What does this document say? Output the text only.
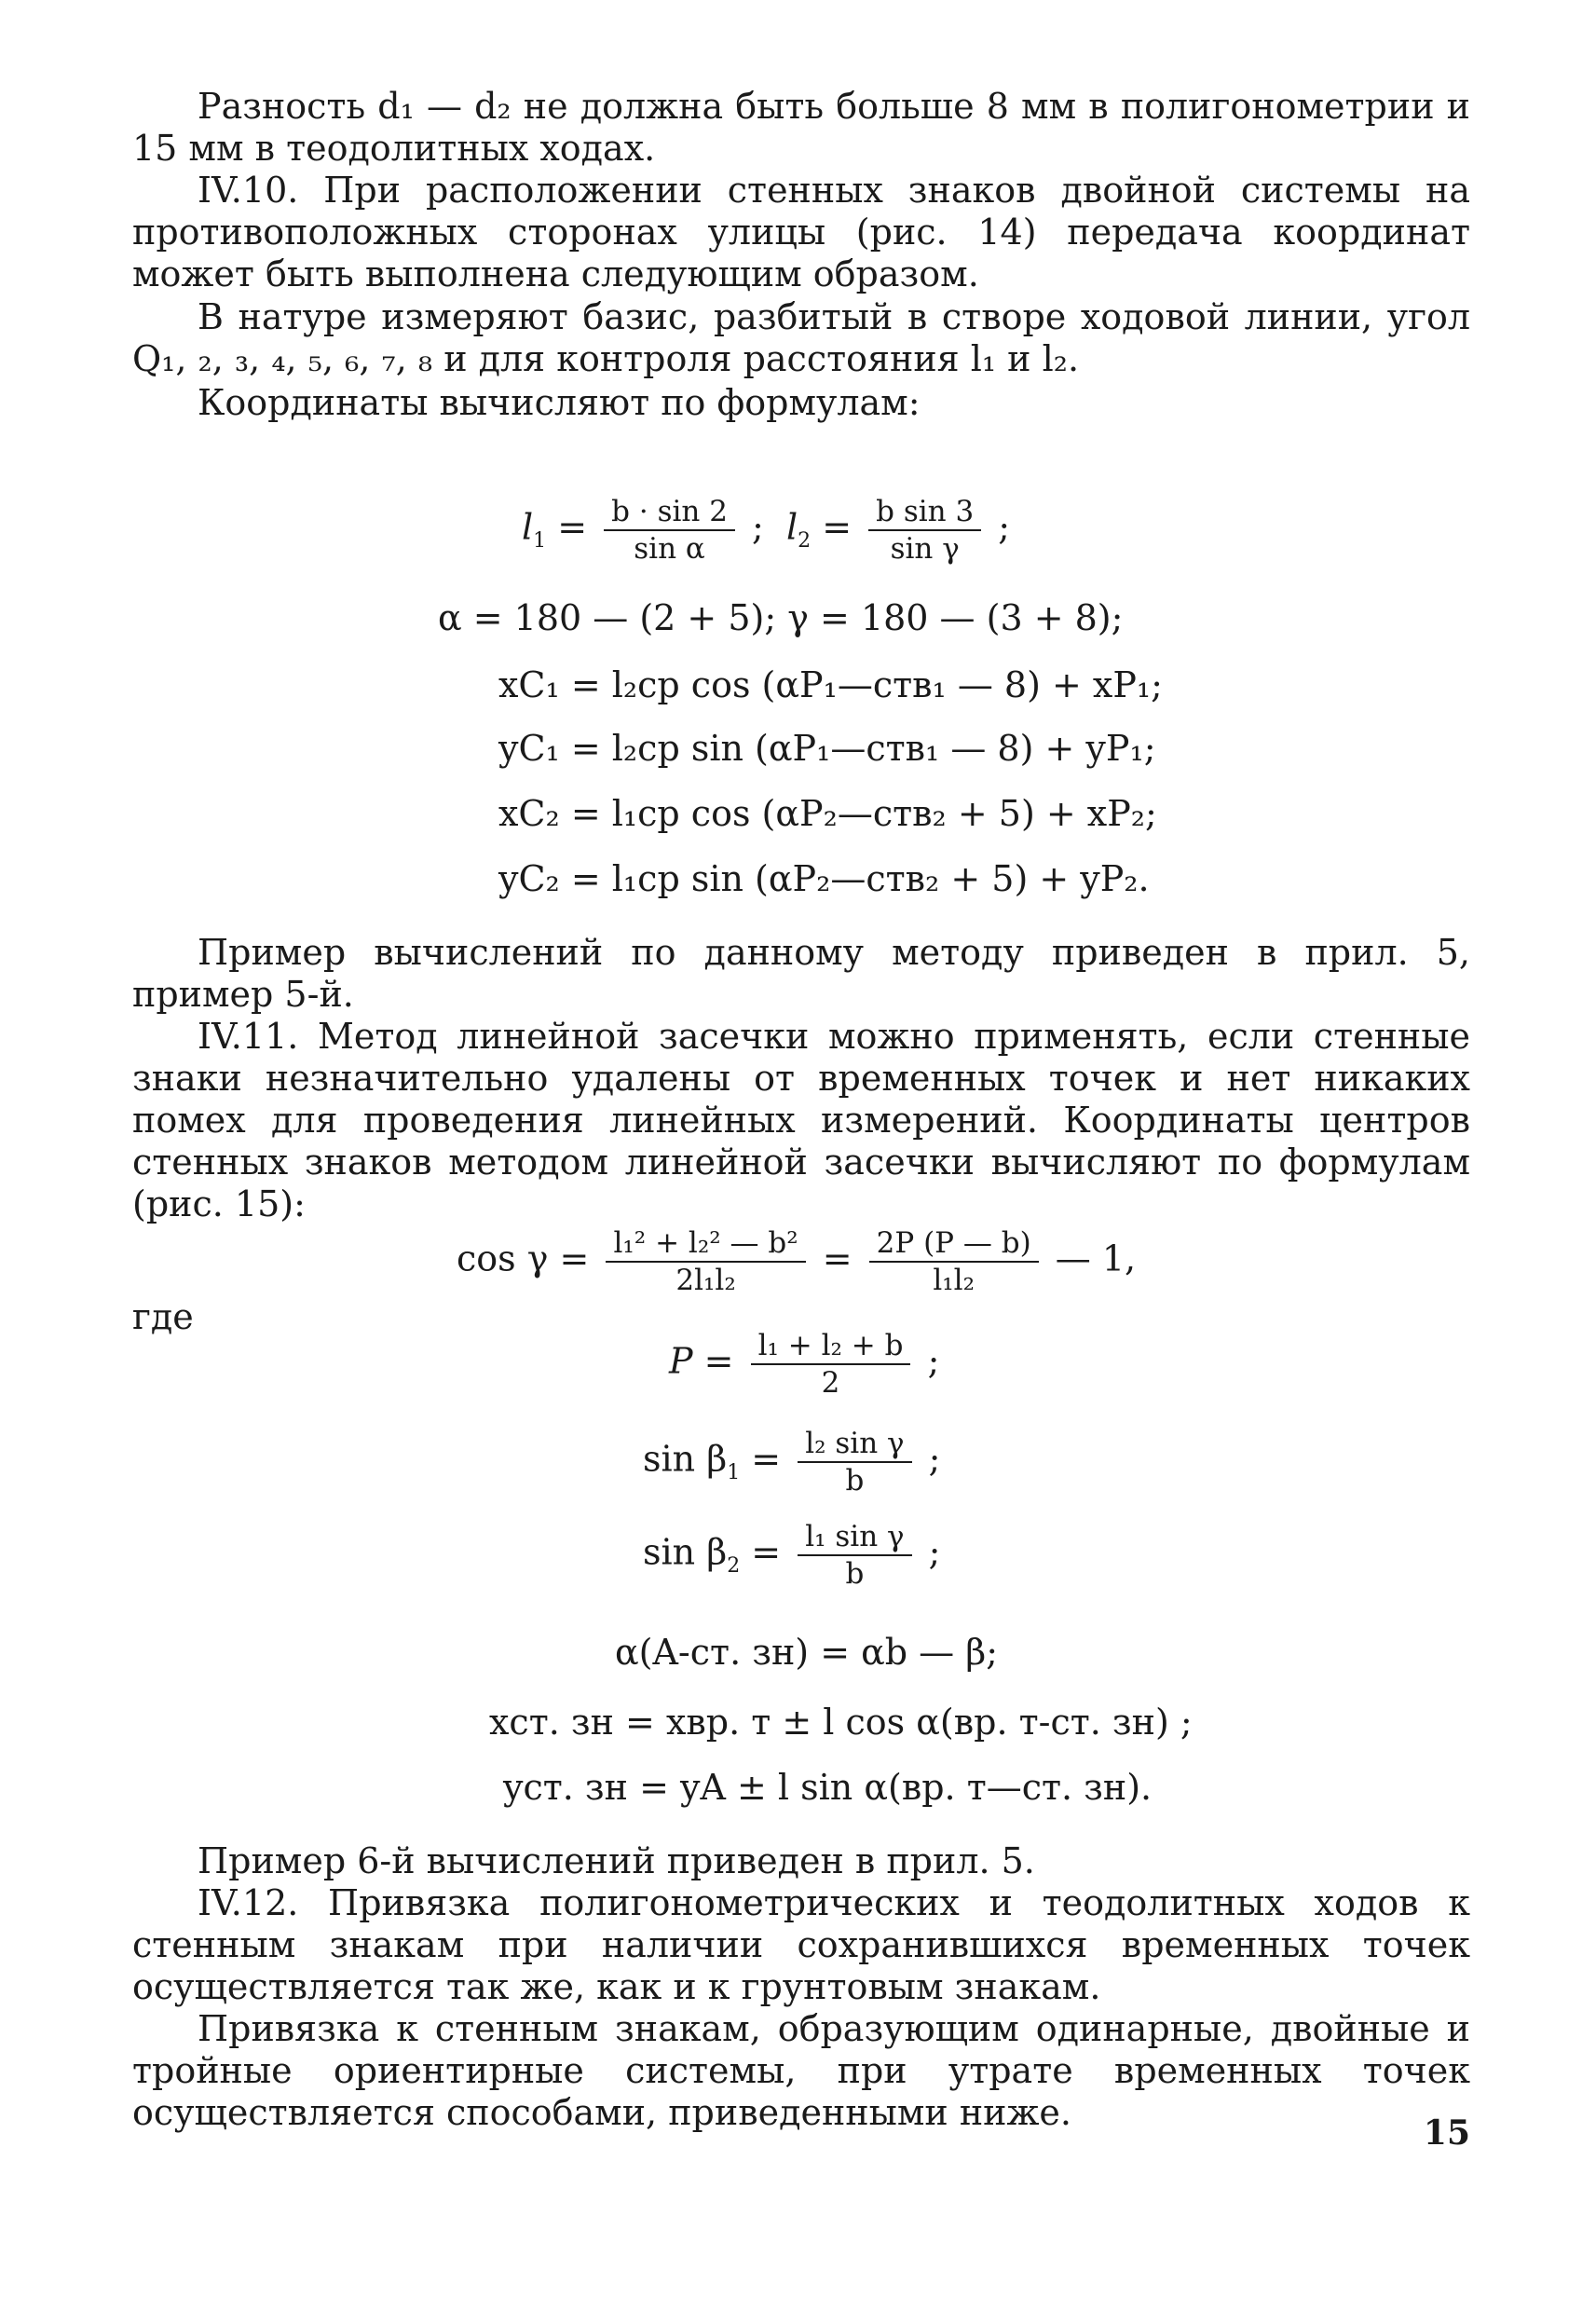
Разность d₁ — d₂ не должна быть больше 8 мм в полигонометрии и 15 мм в теодолитных ходах.

IV.10. При расположении стенных знаков двойной системы на противоположных сторонах улицы (рис. 14) передача координат может быть выполнена следующим образом.

В натуре измеряют базис, разбитый в створе ходовой линии, угол Q₁, ₂, ₃, ₄, ₅, ₆, ₇, ₈ и для контроля расстояния l₁ и l₂.

Координаты вычисляют по формулам:

$l_1 = \frac{b \cdot \sin 2}{\text{sin α}}$ ;  $l_2 = \frac{\text{b sin 3}}{\text{sin γ}}$ ;
α = 180 — (2 + 5); γ = 180 — (3 + 8);
xC₁ = l₂ср cos (αP₁—ств₁ — 8) + xP₁;
yC₁ = l₂ср sin (αP₁—ств₁ — 8) + yP₁;
xC₂ = l₁ср cos (αP₂—ств₂ + 5) + xP₂;
yC₂ = l₁ср sin (αP₂—ств₂ + 5) + yP₂.

Пример вычислений по данному методу приведен в прил. 5, пример 5-й.

IV.11. Метод линейной засечки можно применять, если стенные знаки незначительно удалены от временных точек и нет никаких помех для проведения линейных измерений. Координаты центров стенных знаков методом линейной засечки вычисляют по формулам (рис. 15):

$\cos \gamma = \frac{\text{l₁² + l₂² — b²}}{\text{2l₁l₂}} = \frac{2P (P — b)}{\text{l₁l₂}}$ — 1,
где
$P = \frac{\text{l₁ + l₂ + b}}{2}$ ;
$\sin \beta_1 = \frac{\text{l₂ sin γ}}{b}$ ;
$\sin \beta_2 = \frac{\text{l₁ sin γ}}{b}$ ;
α(A-ст. зн) = αb — β;
xст. зн = xвр. т ± l cos α(вр. т-ст. зн) ;
yст. зн = yA ± l sin α(вр. т—ст. зн).

Пример 6-й вычислений приведен в прил. 5.

IV.12. Привязка полигонометрических и теодолитных ходов к стенным знакам при наличии сохранившихся временных точек осуществляется так же, как и к грунтовым знакам.

Привязка к стенным знакам, образующим одинарные, двойные и тройные ориентирные системы, при утрате временных точек осуществляется способами, приведенными ниже.	15
